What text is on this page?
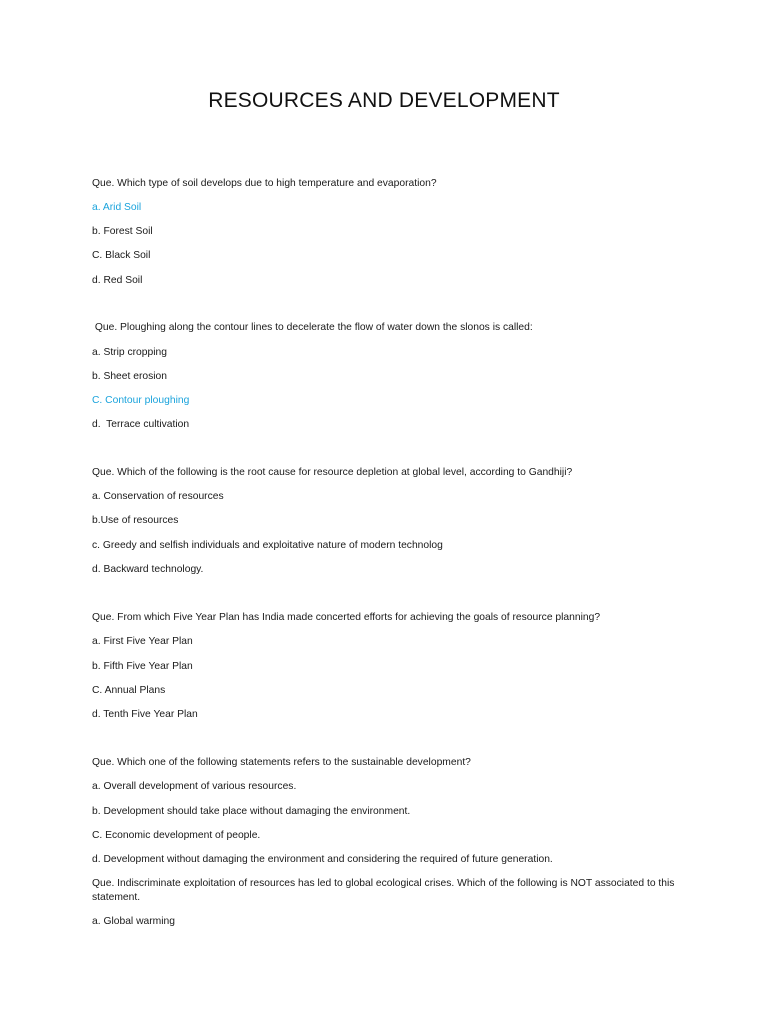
RESOURCES AND DEVELOPMENT
Que. Which type of soil develops due to high temperature and evaporation?
a. Arid Soil
b. Forest Soil
C. Black Soil
d. Red Soil
Que. Ploughing along the contour lines to decelerate the flow of water down the slonos is called:
a. Strip cropping
b. Sheet erosion
C. Contour ploughing
d.  Terrace cultivation
Que. Which of the following is the root cause for resource depletion at global level, according to Gandhiji?
a. Conservation of resources
b.Use of resources
c. Greedy and selfish individuals and exploitative nature of modern technolog
d. Backward technology.
Que. From which Five Year Plan has India made concerted efforts for achieving the goals of resource planning?
a. First Five Year Plan
b. Fifth Five Year Plan
C. Annual Plans
d. Tenth Five Year Plan
Que. Which one of the following statements refers to the sustainable development?
a. Overall development of various resources.
b. Development should take place without damaging the environment.
C. Economic development of people.
d. Development without damaging the environment and considering the required of future generation.
Que. Indiscriminate exploitation of resources has led to global ecological crises. Which of the following is NOT associated to this statement.
a. Global warming
